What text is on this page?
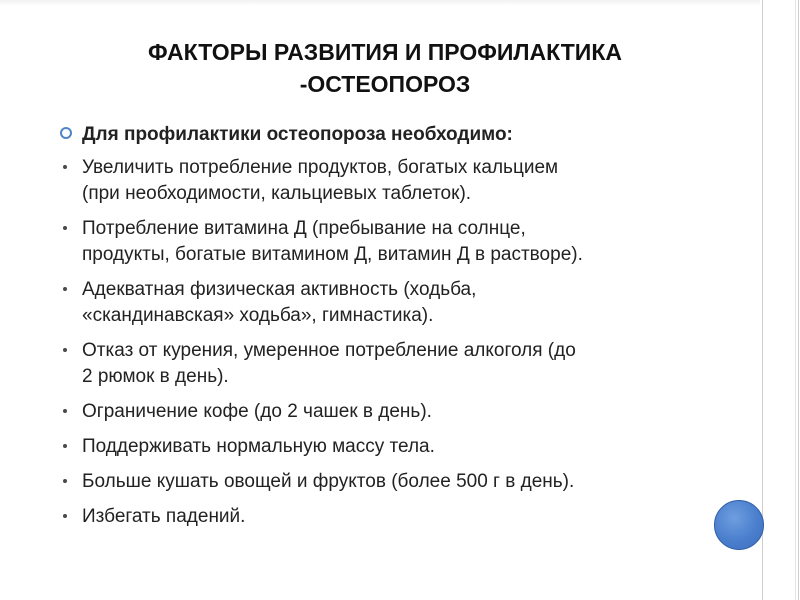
ФАКТОРЫ РАЗВИТИЯ И ПРОФИЛАКТИКА
-ОСТЕОПОРОЗ
Для профилактики остеопороза необходимо:
Увеличить потребление продуктов, богатых кальцием
(при необходимости, кальциевых таблеток).
Потребление витамина Д (пребывание на солнце,
продукты, богатые витамином Д, витамин Д в растворе).
Адекватная физическая активность (ходьба,
«скандинавская» ходьба», гимнастика).
Отказ от курения, умеренное потребление алкоголя (до
2 рюмок в день).
Ограничение кофе (до 2 чашек в день).
Поддерживать нормальную массу тела.
Больше кушать овощей и фруктов (более 500 г в день).
Избегать падений.
